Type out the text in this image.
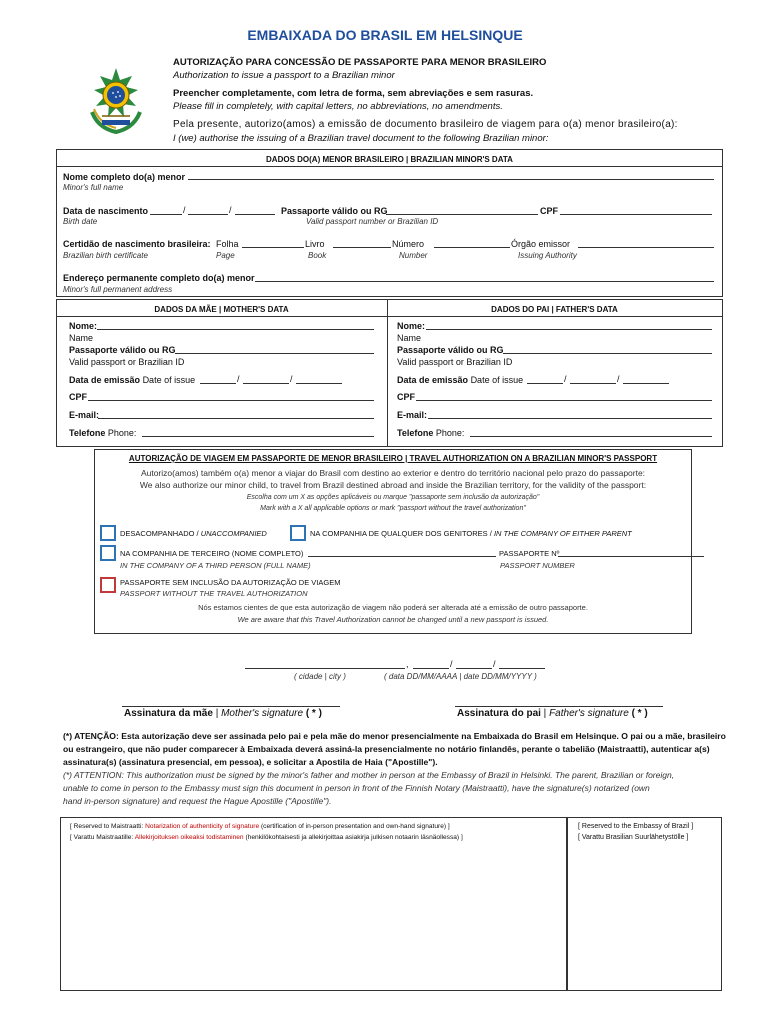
EMBAIXADA DO BRASIL EM HELSINQUE
AUTORIZAÇÃO PARA CONCESSÃO DE PASSAPORTE PARA MENOR BRASILEIRO
Authorization to issue a passport to a Brazilian minor
Preencher completamente, com letra de forma, sem abreviações e sem rasuras.
Please fill in completely, with capital letters, no abbreviations, no amendments.
Pela presente, autorizo(amos) a emissão de documento brasileiro de viagem para o(a) menor brasileiro(a):
I (we) authorise the issuing of a Brazilian travel document to the following Brazilian minor:
DADOS DO(A) MENOR BRASILEIRO | BRAZILIAN MINOR'S DATA
Nome completo do(a) menor
Minor's full name
Data de nascimento	/	/
Birth date
Passaporte válido ou RG
Valid passport number or Brazilian ID
CPF
Certidão de nascimento brasileira: Folha	Livro	Número	Órgão emissor
Brazilian birth certificate	Page	Book	Number	Issuing Authority
Endereço permanente completo do(a) menor
Minor's full permanent address
DADOS DA MÃE | MOTHER'S DATA	DADOS DO PAI | FATHER'S DATA
Nome:
Name
Passaporte válido ou RG
Valid passport or Brazilian ID
Data de emissão Date of issue	/	/
CPF
E-mail:
Telefone Phone:
Nome:
Name
Passaporte válido ou RG
Valid passport or Brazilian ID
Data de emissão Date of issue	/	/
CPF
E-mail:
Telefone Phone:
AUTORIZAÇÃO DE VIAGEM EM PASSAPORTE DE MENOR BRASILEIRO | TRAVEL AUTHORIZATION ON A BRAZILIAN MINOR'S PASSPORT
Autorizo(amos) também o(a) menor a viajar do Brasil com destino ao exterior e dentro do território nacional pelo prazo do passaporte:
We also authorize our minor child, to travel from Brazil destined abroad and inside the Brazilian territory, for the validity of the passport:
Escolha com um X as opções aplicáveis ou marque "passaporte sem inclusão da autorização"
Mark with a X all applicable options or mark "passport without the travel authorization"
DESACOMPANHADO / UNACCOMPANIED	NA COMPANHIA DE QUALQUER DOS GENITORES / IN THE COMPANY OF EITHER PARENT
NA COMPANHIA DE TERCEIRO (NOME COMPLETO)	PASSAPORTE Nº
IN THE COMPANY OF A THIRD PERSON (FULL NAME)	PASSPORT NUMBER
PASSAPORTE SEM INCLUSÃO DA AUTORIZAÇÃO DE VIAGEM
PASSPORT WITHOUT THE TRAVEL AUTHORIZATION
Nós estamos cientes de que esta autorização de viagem não poderá ser alterada até a emissão de outro passaporte.
We are aware that this Travel Authorization cannot be changed until a new passport is issued.
,	/	/
( cidade | city )	( data DD/MM/AAAA | date DD/MM/YYYY )
Assinatura da mãe | Mother's signature ( * )	Assinatura do pai | Father's signature ( * )
(*) ATENÇÃO: Esta autorização deve ser assinada pelo pai e pela mãe do menor presencialmente na Embaixada do Brasil em Helsinque. O pai ou a mãe, brasileiro
ou estrangeiro, que não puder comparecer à Embaixada deverá assiná-la presencialmente no notário finlandês, perante o tabelião (Maistraatti), autenticar a(s)
assinatura(s) (assinatura presencial, em pessoa), e solicitar a Apostila de Haia ("Apostille").
(*) ATTENTION: This authorization must be signed by the minor's father and mother in person at the Embassy of Brazil in Helsinki. The parent, Brazilian or foreign,
unable to come in person to the Embassy must sign this document in person in front of the Finnish Notary (Maistraatti), have the signature(s) notarized (own
hand in-person signature) and request the Hague Apostille ("Apostille").
[ Reserved to Maistraatti: Notarization of authenticity of signature (certification of in-person presentation and own-hand signature) ]
[ Varattu Maistraatille: Allekirjoituksen oikeaksi todistaminen (henkilökohtaisesti ja allekirjoittaa asiakirja julkisen notaarin läsnäollessa) ]
[ Reserved to the Embassy of Brazil ]
[ Varattu Brasilian Suurlähetystölle ]
